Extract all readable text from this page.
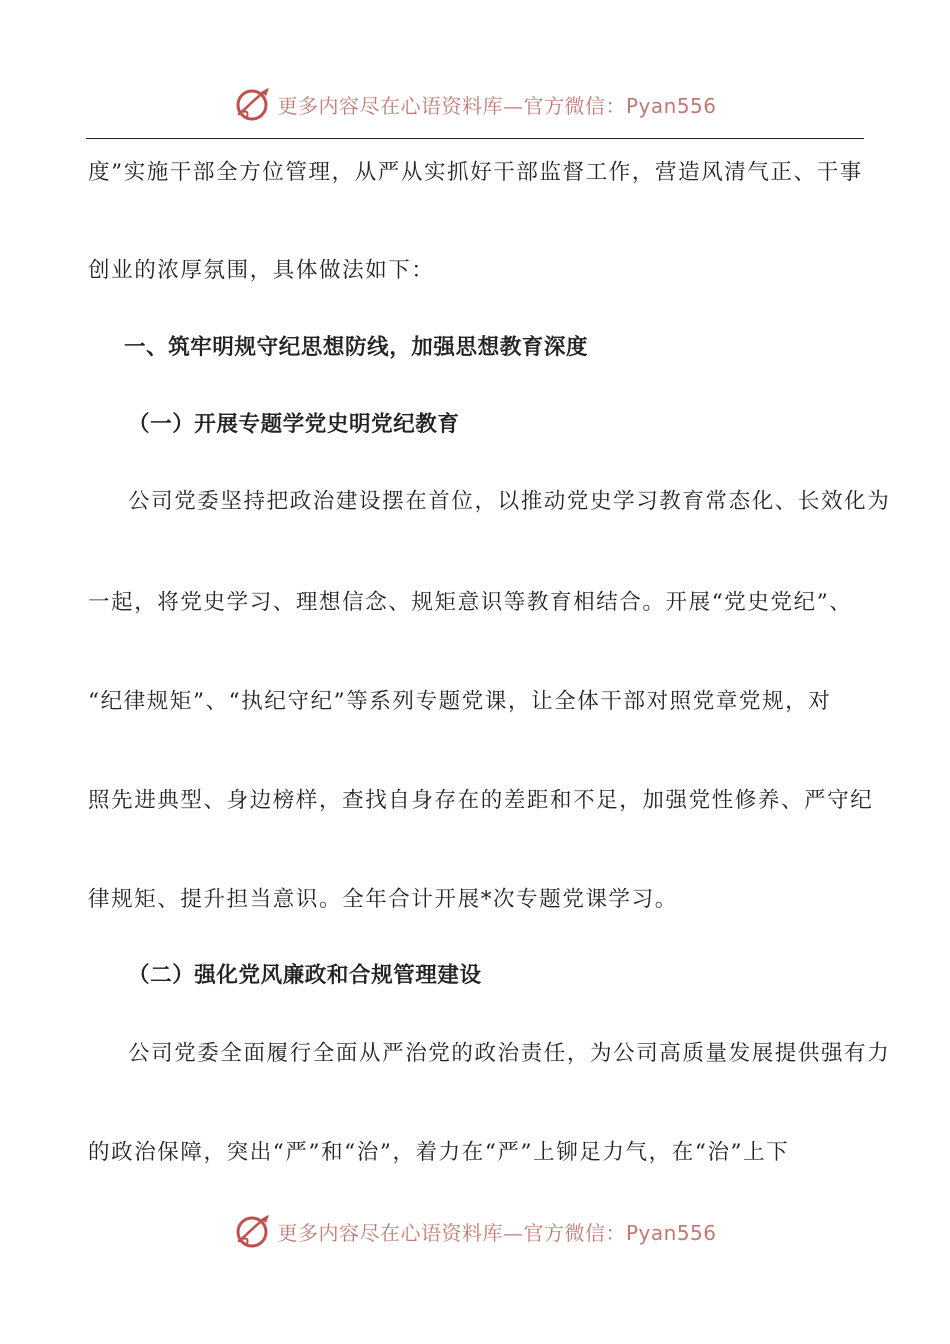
更多内容尽在心语资料库—官方微信：Pyan556
度”实施干部全方位管理，从严从实抓好干部监督工作，营造风清气正、干事
创业的浓厚氛围，具体做法如下：
一、筑牢明规守纪思想防线，加强思想教育深度
（一）开展专题学党史明党纪教育
公司党委坚持把政治建设摆在首位，以推动党史学习教育常态化、长效化为
一起，将党史学习、理想信念、规矩意识等教育相结合。开展“党史党纪”、
“纪律规矩”、“执纪守纪”等系列专题党课，让全体干部对照党章党规，对
照先进典型、身边榜样，查找自身存在的差距和不足，加强党性修养、严守纪
律规矩、提升担当意识。全年合计开展*次专题党课学习。
（二）强化党风廉政和合规管理建设
公司党委全面履行全面从严治党的政治责任，为公司高质量发展提供强有力
的政治保障，突出“严”和“治”，着力在“严”上铆足力气，在“治”上下
更多内容尽在心语资料库—官方微信：Pyan556
